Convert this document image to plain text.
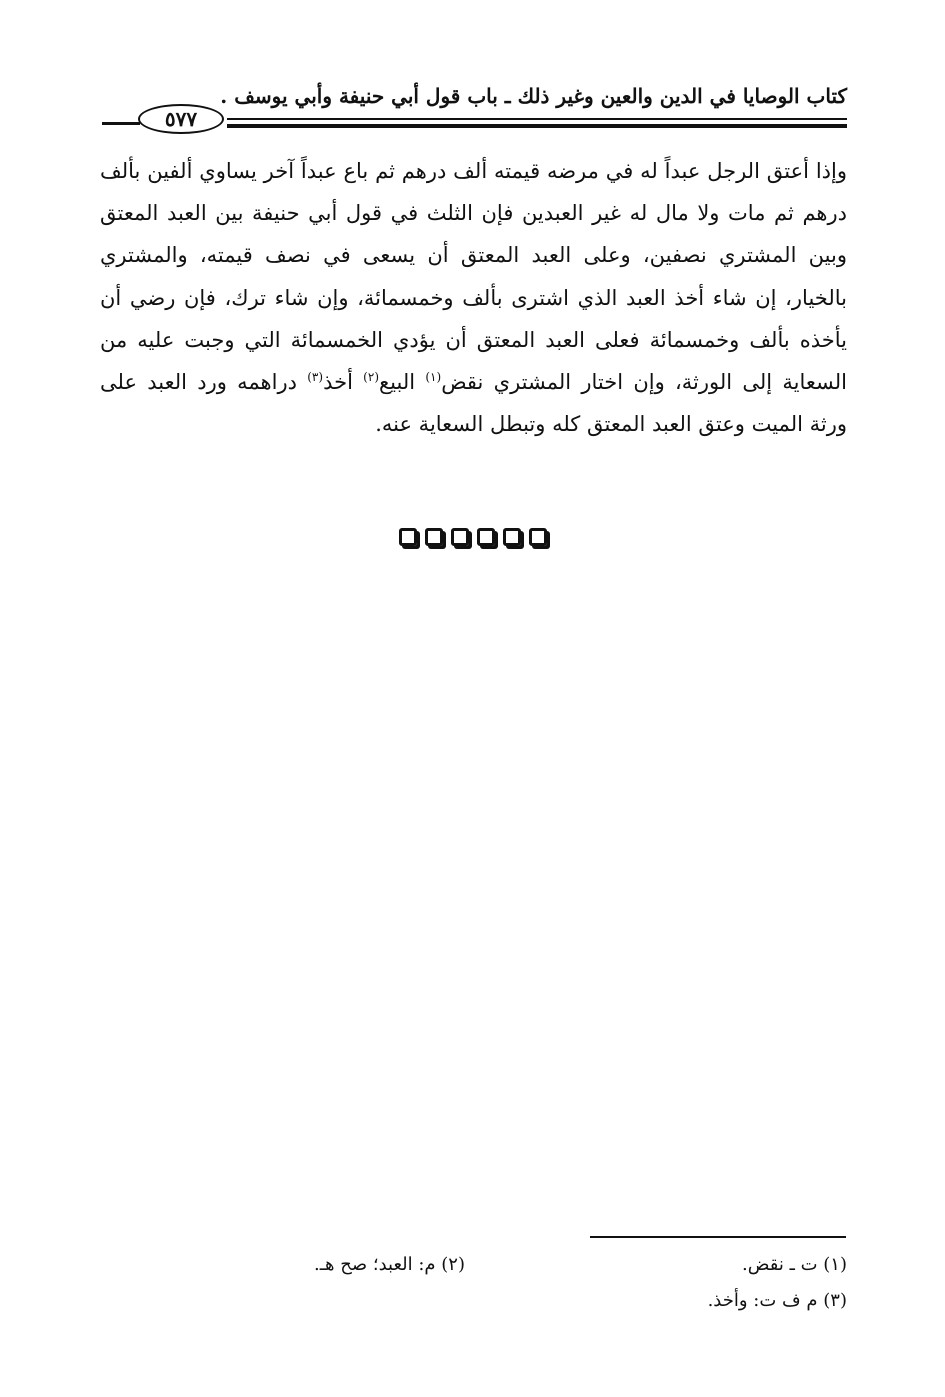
كتاب الوصايا في الدين والعين وغير ذلك ـ باب قول أبي حنيفة وأبي يوسف .
٥٧٧

وإذا أعتق الرجل عبداً له في مرضه قيمته ألف درهم ثم باع عبداً آخر يساوي ألفين بألف درهم ثم مات ولا مال له غير العبدين فإن الثلث في قول أبي حنيفة بين العبد المعتق وبين المشتري نصفين، وعلى العبد المعتق أن يسعى في نصف قيمته، والمشتري بالخيار، إن شاء أخذ العبد الذي اشترى بألف وخمسمائة، وإن شاء ترك، فإن رضي أن يأخذه بألف وخمسمائة فعلى العبد المعتق أن يؤدي الخمسمائة التي وجبت عليه من السعاية إلى الورثة، وإن اختار المشتري نقض$^{(١)}$ البيع$^{(٢)}$ أخذ$^{(٣)}$ دراهمه ورد العبد على ورثة الميت وعتق العبد المعتق كله وتبطل السعاية عنه.

(١) ت ـ نقض.
(٢) م: العبد؛ صح هـ.
(٣) م ف ت: وأخذ.
